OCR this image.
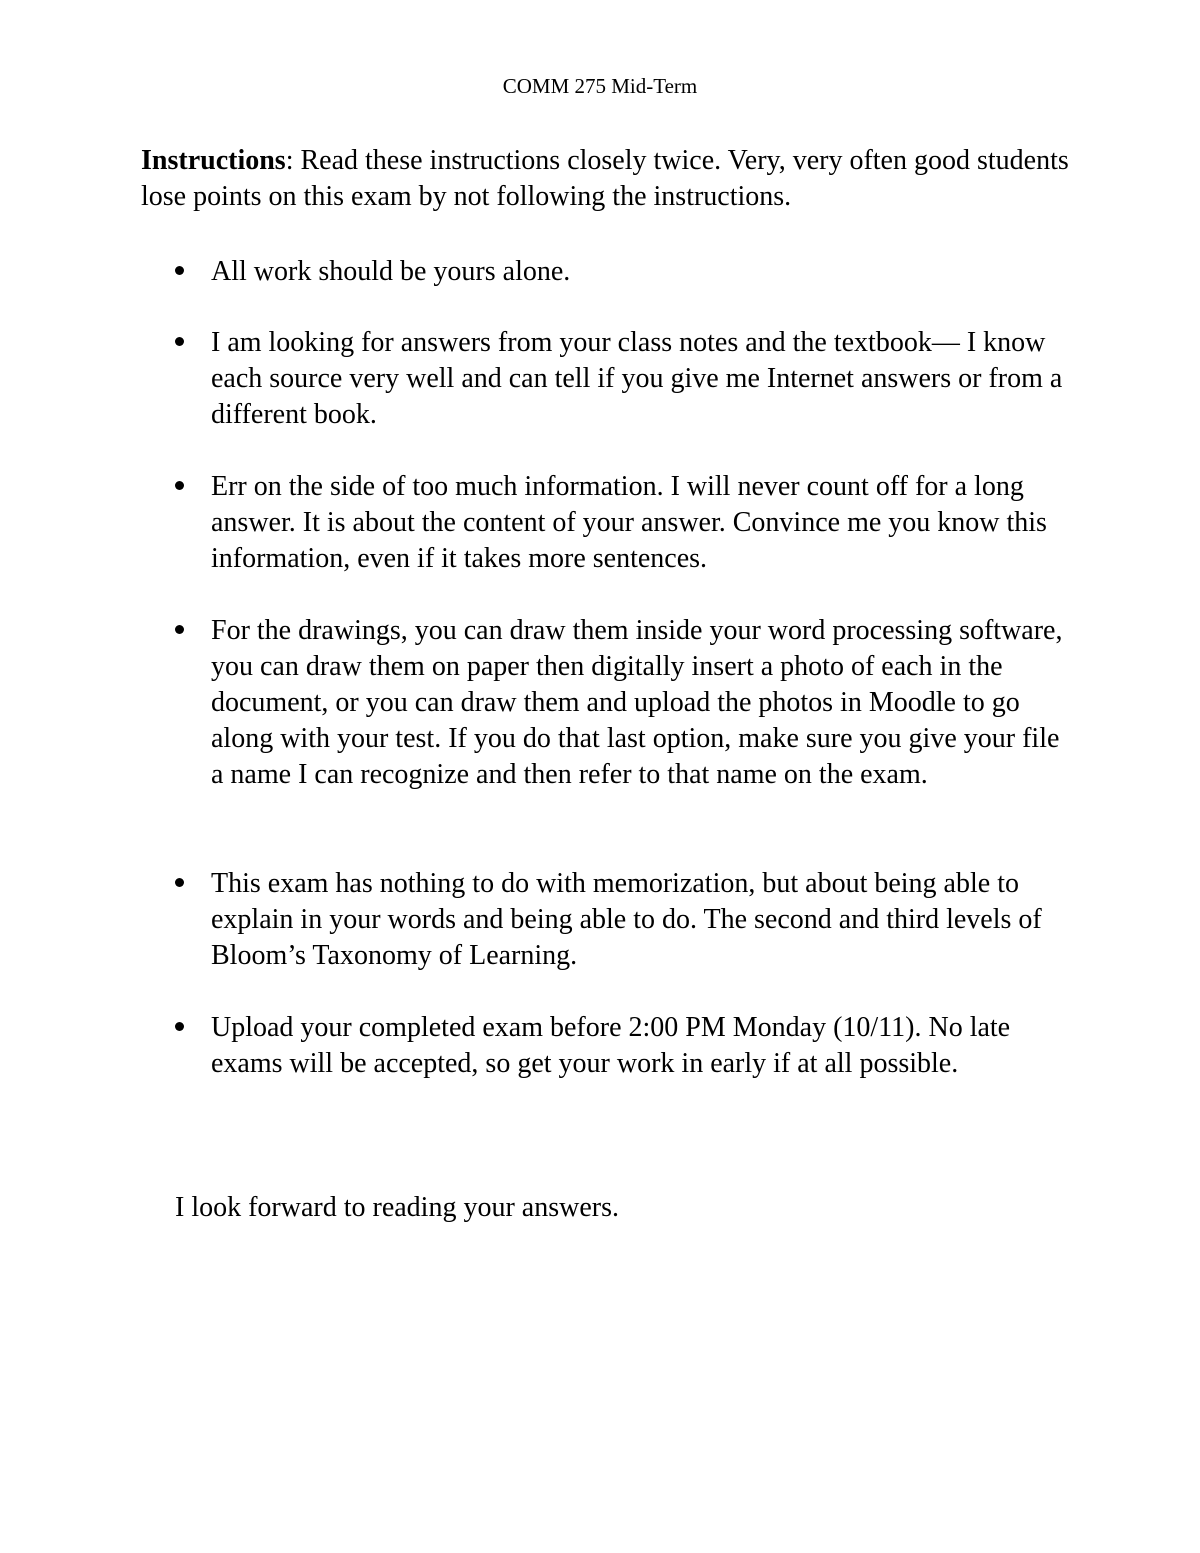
COMM 275 Mid-Term

Instructions: Read these instructions closely twice. Very, very often good students lose points on this exam by not following the instructions.

All work should be yours alone.

I am looking for answers from your class notes and the textbook— I know each source very well and can tell if you give me Internet answers or from a different book.

Err on the side of too much information. I will never count off for a long answer. It is about the content of your answer. Convince me you know this information, even if it takes more sentences.

For the drawings, you can draw them inside your word processing software, you can draw them on paper then digitally insert a photo of each in the document, or you can draw them and upload the photos in Moodle to go along with your test. If you do that last option, make sure you give your file a name I can recognize and then refer to that name on the exam.

This exam has nothing to do with memorization, but about being able to explain in your words and being able to do. The second and third levels of Bloom’s Taxonomy of Learning.

Upload your completed exam before 2:00 PM Monday (10/11). No late exams will be accepted, so get your work in early if at all possible.

I look forward to reading your answers.
